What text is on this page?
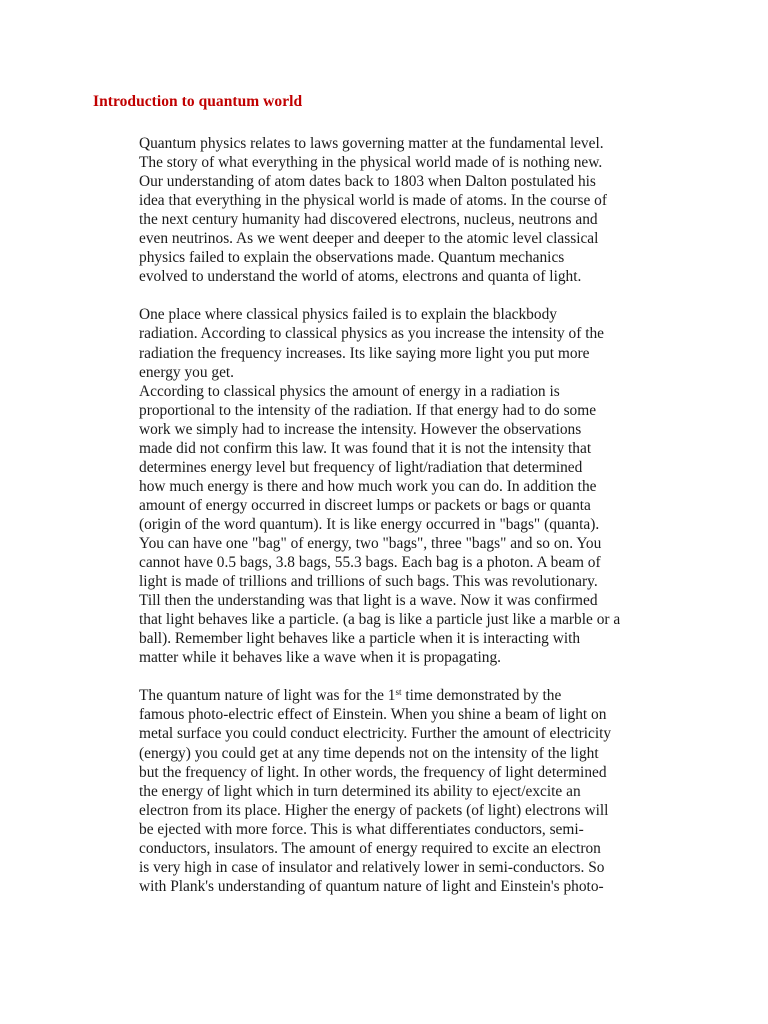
Introduction to quantum world
Quantum physics relates to laws governing matter at the fundamental level.
The story of what everything in the physical world made of is nothing new.
Our understanding of atom dates back to 1803 when Dalton postulated his
idea that everything in the physical world is made of atoms. In the course of
the next century humanity had discovered electrons, nucleus, neutrons and
even neutrinos. As we went deeper and deeper to the atomic level classical
physics failed to explain the observations made. Quantum mechanics
evolved to understand the world of atoms, electrons and quanta of light.
One place where classical physics failed is to explain the blackbody
radiation. According to classical physics as you increase the intensity of the
radiation the frequency increases. Its like saying more light you put more
energy you get.
According to classical physics the amount of energy in a radiation is
proportional to the intensity of the radiation. If that energy had to do some
work we simply had to increase the intensity. However the observations
made did not confirm this law. It was found that it is not the intensity that
determines energy level but frequency of light/radiation that determined
how much energy is there and how much work you can do. In addition the
amount of energy occurred in discreet lumps or packets or bags or quanta
(origin of the word quantum). It is like energy occurred in "bags" (quanta).
You can have one "bag" of energy, two "bags", three "bags" and so on. You
cannot have 0.5 bags, 3.8 bags, 55.3 bags. Each bag is a photon. A beam of
light is made of trillions and trillions of such bags. This was revolutionary.
Till then the understanding was that light is a wave. Now it was confirmed
that light behaves like a particle. (a bag is like a particle just like a marble or a
ball). Remember light behaves like a particle when it is interacting with
matter while it behaves like a wave when it is propagating.
The quantum nature of light was for the 1st time demonstrated by the
famous photo-electric effect of Einstein. When you shine a beam of light on
metal surface you could conduct electricity. Further the amount of electricity
(energy) you could get at any time depends not on the intensity of the light
but the frequency of light. In other words, the frequency of light determined
the energy of light which in turn determined its ability to eject/excite an
electron from its place. Higher the energy of packets (of light) electrons will
be ejected with more force. This is what differentiates conductors, semi-
conductors, insulators. The amount of energy required to excite an electron
is very high in case of insulator and relatively lower in semi-conductors. So
with Plank's understanding of quantum nature of light and Einstein's photo-
